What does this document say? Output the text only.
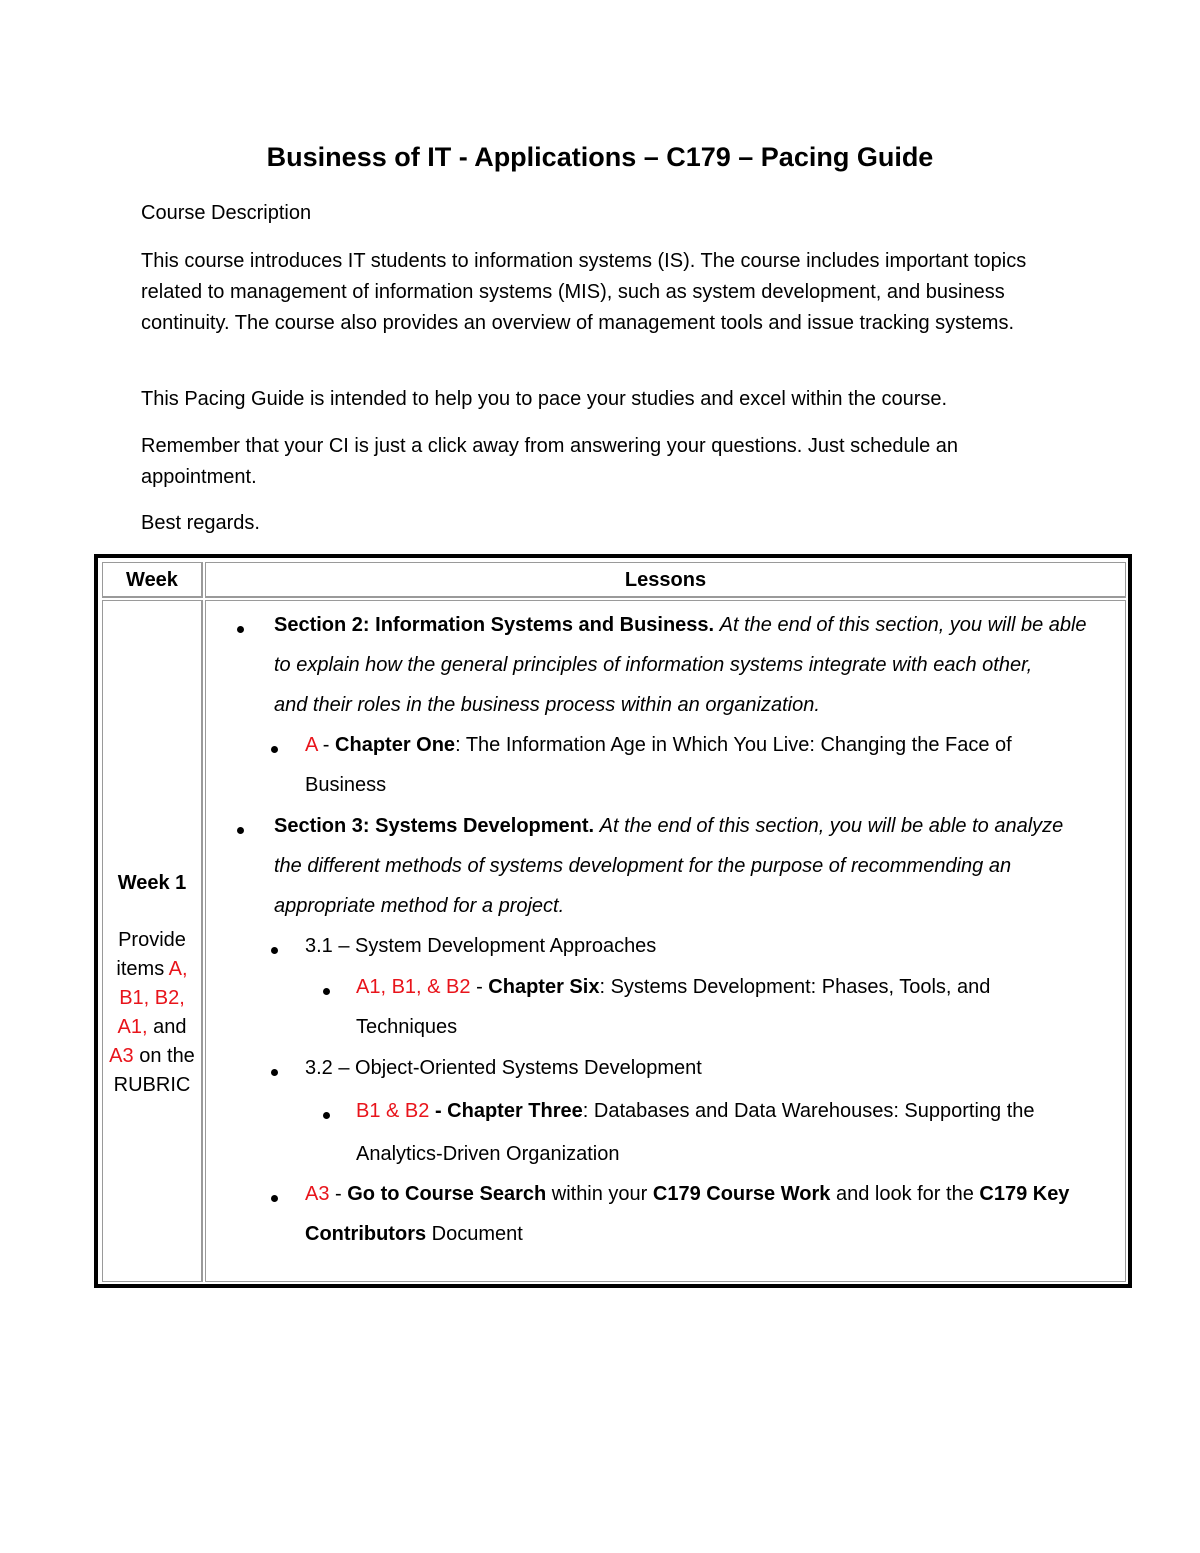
Business of IT - Applications – C179 – Pacing Guide
Course Description
This course introduces IT students to information systems (IS). The course includes important topics related to management of information systems (MIS), such as system development, and business continuity. The course also provides an overview of management tools and issue tracking systems.
This Pacing Guide is intended to help you to pace your studies and excel within the course.
Remember that your CI is just a click away from answering your questions. Just schedule an appointment.
Best regards.
Week	Lessons
Week 1
Provide
items A,
B1, B2,
A1, and
A3 on the
RUBRIC
Section 2: Information Systems and Business. At the end of this section, you will be able
to explain how the general principles of information systems integrate with each other,
and their roles in the business process within an organization.
A - Chapter One: The Information Age in Which You Live: Changing the Face of
Business
Section 3: Systems Development. At the end of this section, you will be able to analyze
the different methods of systems development for the purpose of recommending an
appropriate method for a project.
3.1 – System Development Approaches
A1, B1, & B2 - Chapter Six: Systems Development: Phases, Tools, and
Techniques
3.2 – Object-Oriented Systems Development
B1 & B2 - Chapter Three: Databases and Data Warehouses: Supporting the
Analytics-Driven Organization
A3 - Go to Course Search within your C179 Course Work and look for the C179 Key
Contributors Document
